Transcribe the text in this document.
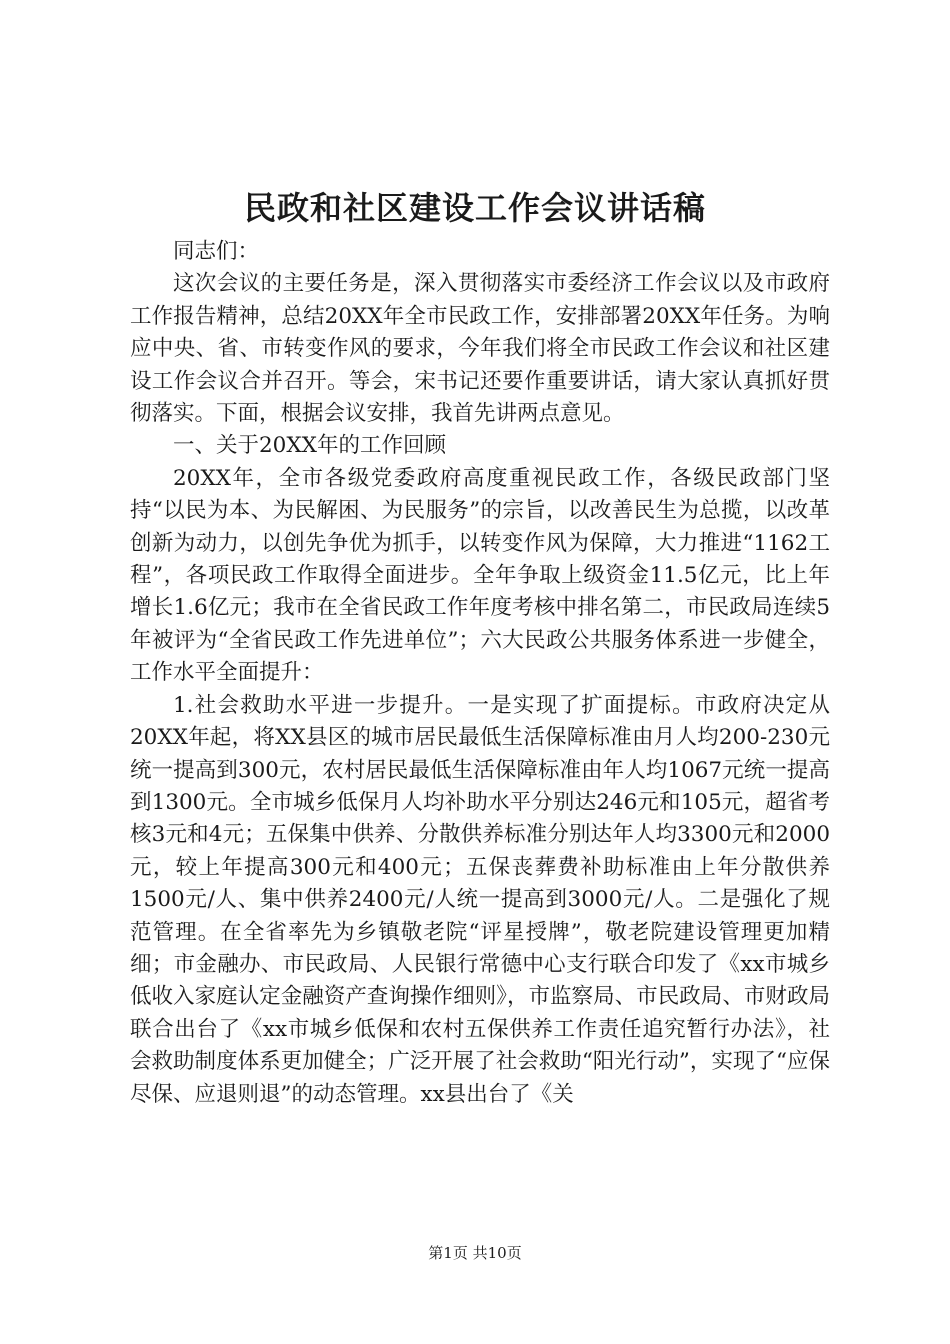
民政和社区建设工作会议讲话稿

同志们：

这次会议的主要任务是，深入贯彻落实市委经济工作会议以及市政府工作报告精神，总结20XX年全市民政工作，安排部署20XX年任务。为响应中央、省、市转变作风的要求，今年我们将全市民政工作会议和社区建设工作会议合并召开。等会，宋书记还要作重要讲话，请大家认真抓好贯彻落实。下面，根据会议安排，我首先讲两点意见。

一、关于20XX年的工作回顾

20XX年，全市各级党委政府高度重视民政工作，各级民政部门坚持“以民为本、为民解困、为民服务”的宗旨，以改善民生为总揽，以改革创新为动力，以创先争优为抓手，以转变作风为保障，大力推进“1162工程”，各项民政工作取得全面进步。全年争取上级资金11.5亿元，比上年增长1.6亿元；我市在全省民政工作年度考核中排名第二，市民政局连续5年被评为“全省民政工作先进单位”；六大民政公共服务体系进一步健全，工作水平全面提升：

1.社会救助水平进一步提升。一是实现了扩面提标。市政府决定从20XX年起，将XX县区的城市居民最低生活保障标准由月人均200-230元统一提高到300元，农村居民最低生活保障标准由年人均1067元统一提高到1300元。全市城乡低保月人均补助水平分别达246元和105元，超省考核3元和4元；五保集中供养、分散供养标准分别达年人均3300元和2000元，较上年提高300元和400元；五保丧葬费补助标准由上年分散供养1500元/人、集中供养2400元/人统一提高到3000元/人。二是强化了规范管理。在全省率先为乡镇敬老院“评星授牌”，敬老院建设管理更加精细；市金融办、市民政局、人民银行常德中心支行联合印发了《xx市城乡低收入家庭认定金融资产查询操作细则》，市监察局、市民政局、市财政局联合出台了《xx市城乡低保和农村五保供养工作责任追究暂行办法》，社会救助制度体系更加健全；广泛开展了社会救助“阳光行动”，实现了“应保尽保、应退则退”的动态管理。xx县出台了《关

第1页 共10页
